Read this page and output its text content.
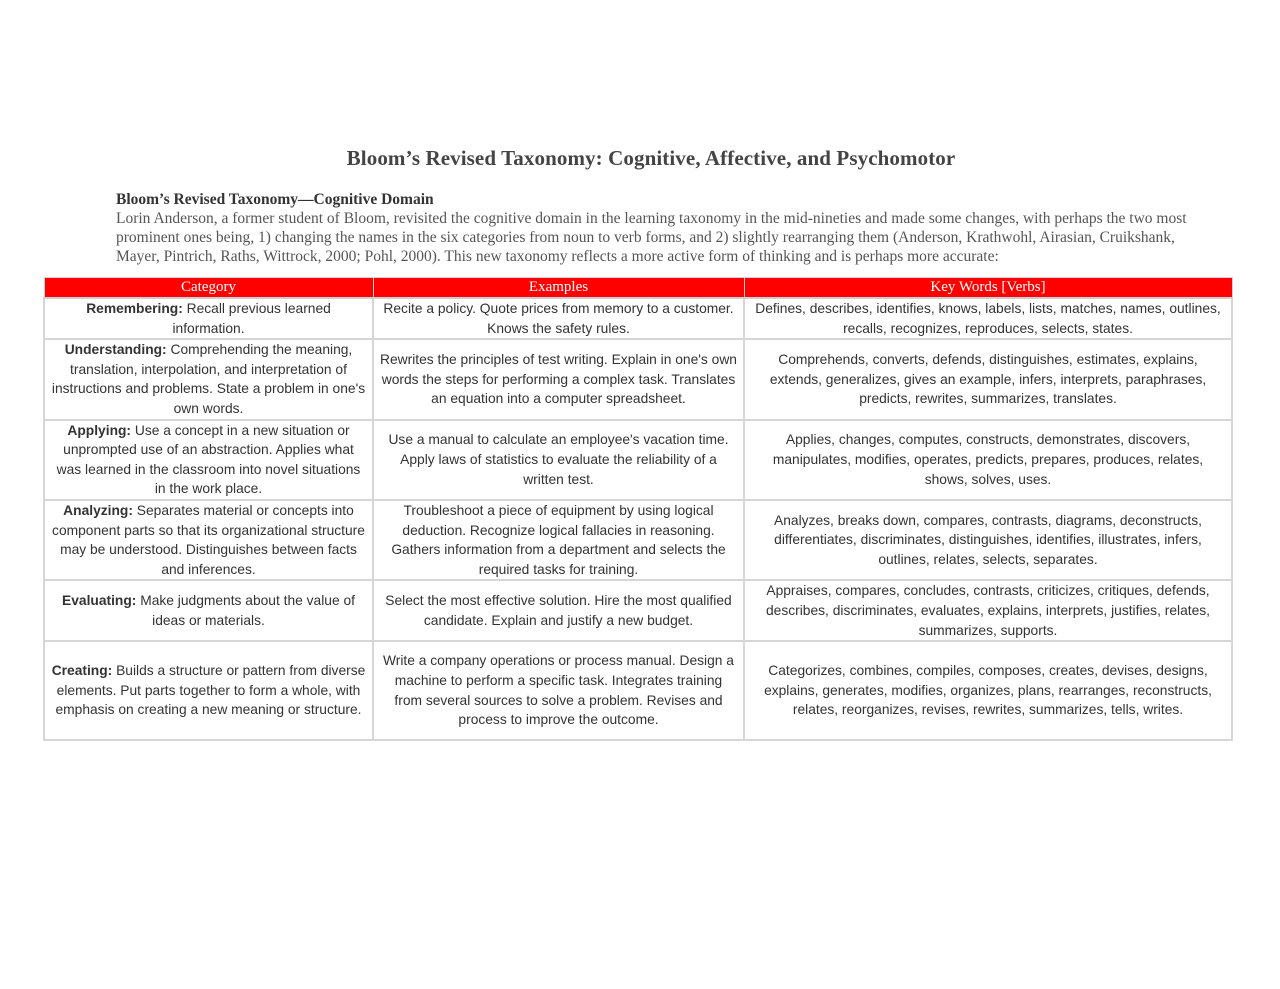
Bloom’s Revised Taxonomy: Cognitive, Affective, and Psychomotor
Bloom’s Revised Taxonomy—Cognitive Domain
Lorin Anderson, a former student of Bloom, revisited the cognitive domain in the learning taxonomy in the mid-nineties and made some changes, with perhaps the two most prominent ones being, 1) changing the names in the six categories from noun to verb forms, and 2) slightly rearranging them (Anderson, Krathwohl, Airasian, Cruikshank, Mayer, Pintrich, Raths, Wittrock, 2000; Pohl, 2000). This new taxonomy reflects a more active form of thinking and is perhaps more accurate:
Category	Examples	Key Words [Verbs]
Remembering: Recall previous learned information.	Recite a policy. Quote prices from memory to a customer. Knows the safety rules.	Defines, describes, identifies, knows, labels, lists, matches, names, outlines, recalls, recognizes, reproduces, selects, states.
Understanding: Comprehending the meaning, translation, interpolation, and interpretation of instructions and problems. State a problem in one's own words.	Rewrites the principles of test writing. Explain in one's own words the steps for performing a complex task. Translates an equation into a computer spreadsheet.	Comprehends, converts, defends, distinguishes, estimates, explains, extends, generalizes, gives an example, infers, interprets, paraphrases, predicts, rewrites, summarizes, translates.
Applying: Use a concept in a new situation or unprompted use of an abstraction. Applies what was learned in the classroom into novel situations in the work place.	Use a manual to calculate an employee's vacation time. Apply laws of statistics to evaluate the reliability of a written test.	Applies, changes, computes, constructs, demonstrates, discovers, manipulates, modifies, operates, predicts, prepares, produces, relates, shows, solves, uses.
Analyzing: Separates material or concepts into component parts so that its organizational structure may be understood. Distinguishes between facts and inferences.	Troubleshoot a piece of equipment by using logical deduction. Recognize logical fallacies in reasoning. Gathers information from a department and selects the required tasks for training.	Analyzes, breaks down, compares, contrasts, diagrams, deconstructs, differentiates, discriminates, distinguishes, identifies, illustrates, infers, outlines, relates, selects, separates.
Evaluating: Make judgments about the value of ideas or materials.	Select the most effective solution. Hire the most qualified candidate. Explain and justify a new budget.	Appraises, compares, concludes, contrasts, criticizes, critiques, defends, describes, discriminates, evaluates, explains, interprets, justifies, relates, summarizes, supports.
Creating: Builds a structure or pattern from diverse elements. Put parts together to form a whole, with emphasis on creating a new meaning or structure.	Write a company operations or process manual. Design a machine to perform a specific task. Integrates training from several sources to solve a problem. Revises and process to improve the outcome.	Categorizes, combines, compiles, composes, creates, devises, designs, explains, generates, modifies, organizes, plans, rearranges, reconstructs, relates, reorganizes, revises, rewrites, summarizes, tells, writes.
